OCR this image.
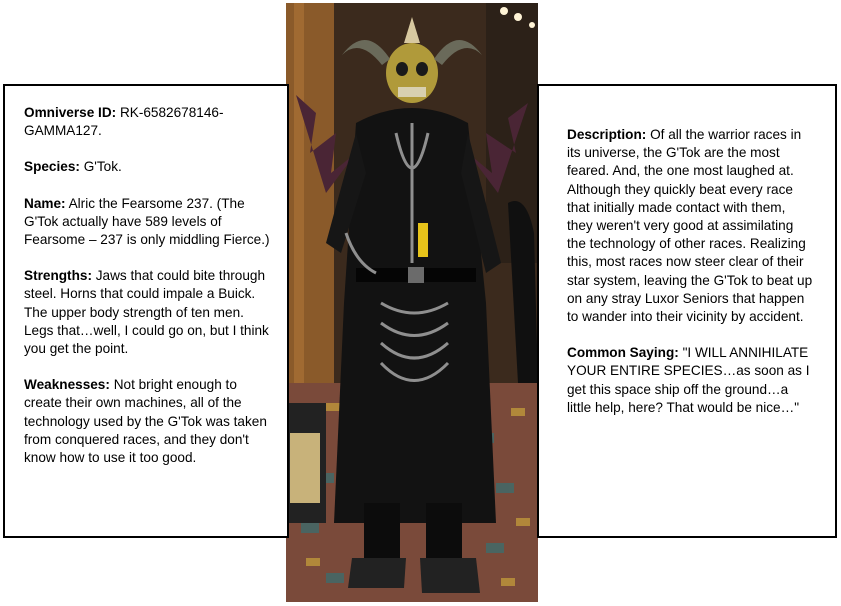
Omniverse ID: RK-6582678146-GAMMA127.
Species: G'Tok.
Name: Alric the Fearsome 237. (The G'Tok actually have 589 levels of Fearsome – 237 is only middling Fierce.)
Strengths: Jaws that could bite through steel. Horns that could impale a Buick. The upper body strength of ten men. Legs that…well, I could go on, but I think you get the point.
Weaknesses: Not bright enough to create their own machines, all of the technology used by the G'Tok was taken from conquered races, and they don't know how to use it too good.
Description: Of all the warrior races in its universe, the G'Tok are the most feared. And, the one most laughed at. Although they quickly beat every race that initially made contact with them, they weren't very good at assimilating the technology of other races. Realizing this, most races now steer clear of their star system, leaving the G'Tok to beat up on any stray Luxor Seniors that happen to wander into their vicinity by accident.
Common Saying: "I WILL ANNIHILATE YOUR ENTIRE SPECIES…as soon as I get this space ship off the ground…a little help, here? That would be nice…"
